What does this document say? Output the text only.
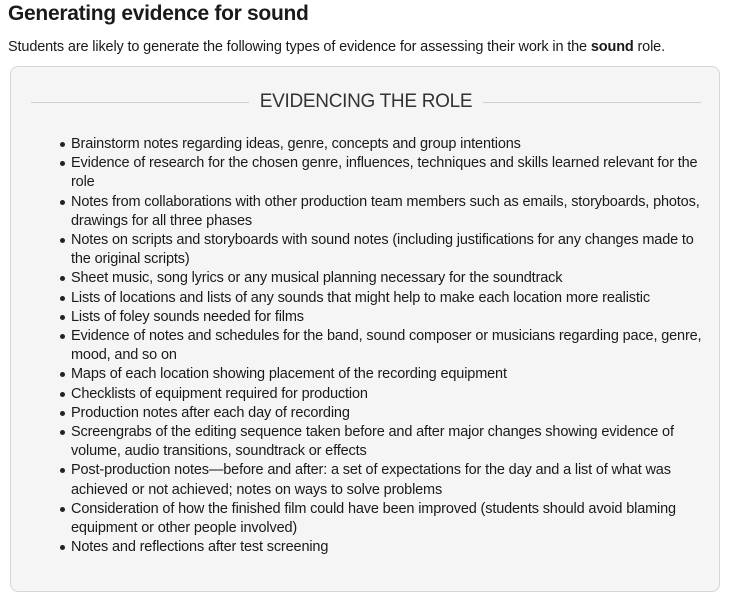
Generating evidence for sound

Students are likely to generate the following types of evidence for assessing their work in the sound role.

EVIDENCING THE ROLE
Brainstorm notes regarding ideas, genre, concepts and group intentions
Evidence of research for the chosen genre, influences, techniques and skills learned relevant for the role
Notes from collaborations with other production team members such as emails, storyboards, photos, drawings for all three phases
Notes on scripts and storyboards with sound notes (including justifications for any changes made to the original scripts)
Sheet music, song lyrics or any musical planning necessary for the soundtrack
Lists of locations and lists of any sounds that might help to make each location more realistic
Lists of foley sounds needed for films
Evidence of notes and schedules for the band, sound composer or musicians regarding pace, genre, mood, and so on
Maps of each location showing placement of the recording equipment
Checklists of equipment required for production
Production notes after each day of recording
Screengrabs of the editing sequence taken before and after major changes showing evidence of volume, audio transitions, soundtrack or effects
Post-production notes—before and after: a set of expectations for the day and a list of what was achieved or not achieved; notes on ways to solve problems
Consideration of how the finished film could have been improved (students should avoid blaming equipment or other people involved)
Notes and reflections after test screening
